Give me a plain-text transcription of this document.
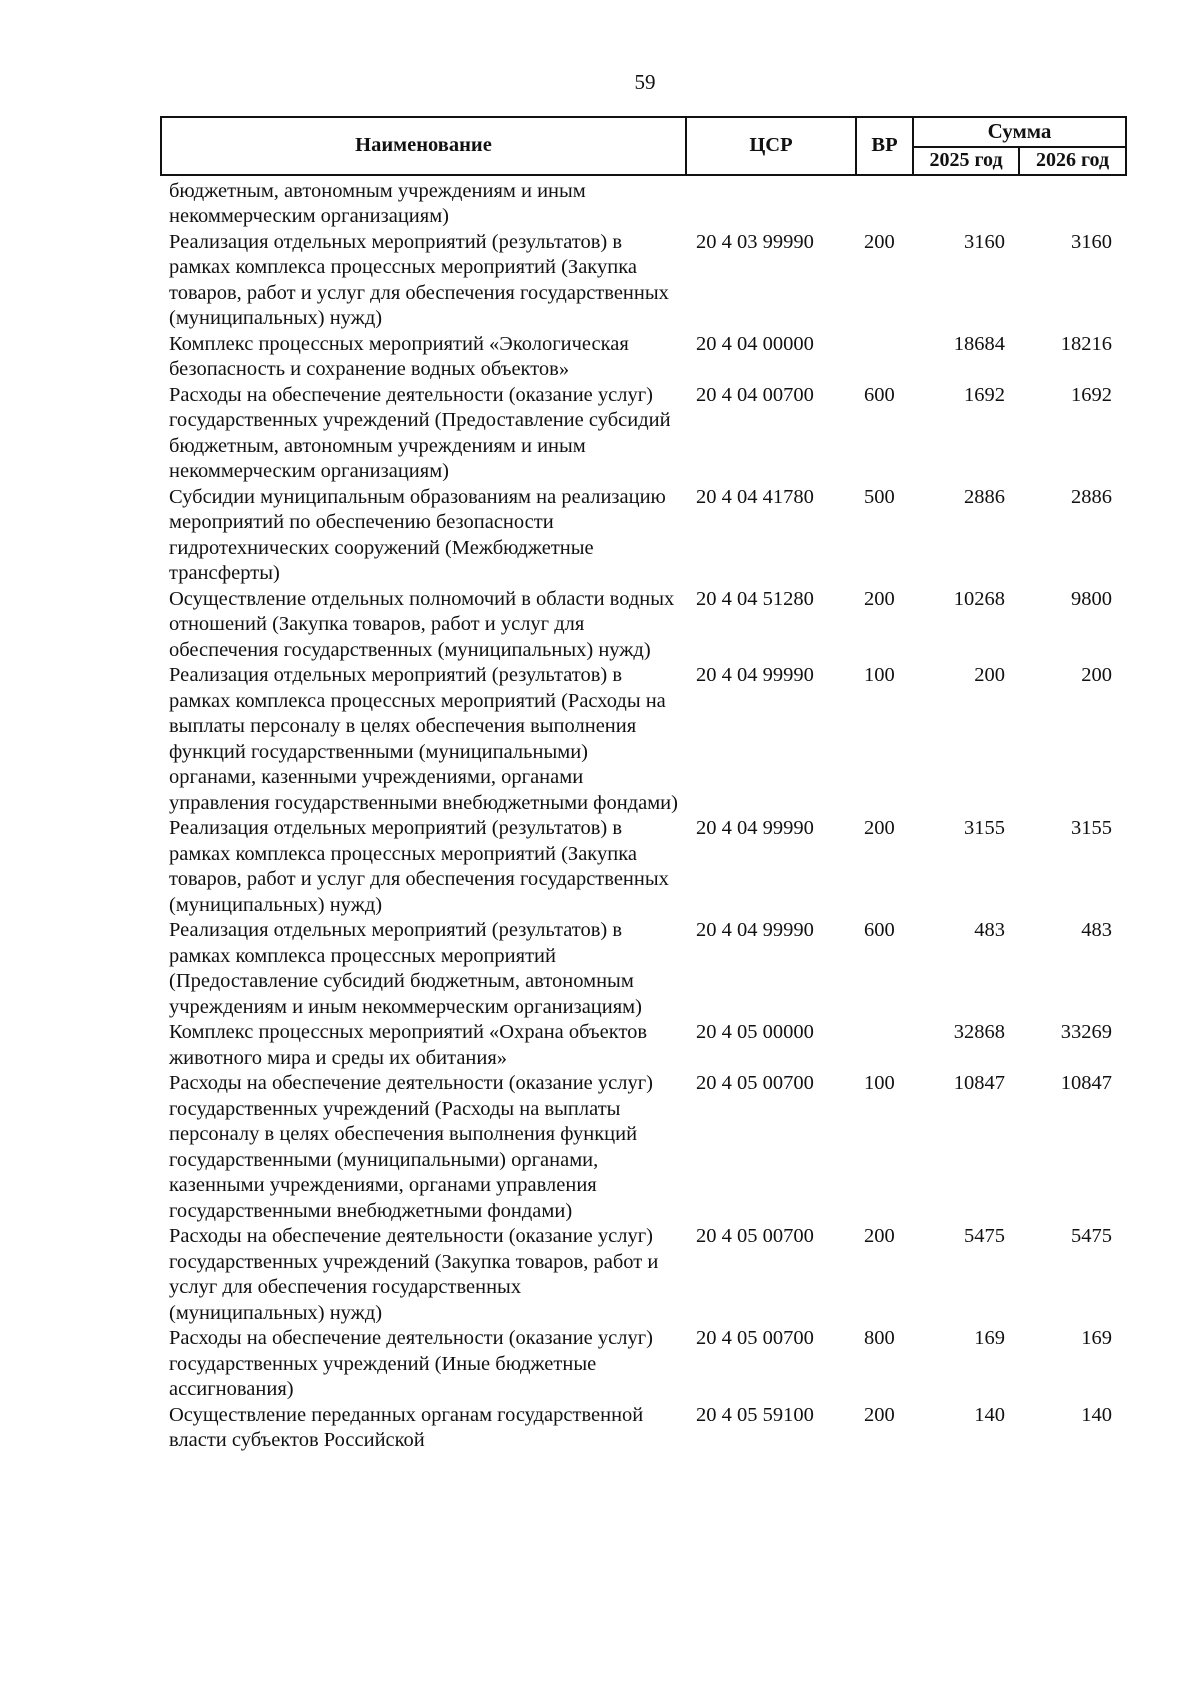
59
Наименование	ЦСР	ВР	Сумма	
			2025 год	2026 год
бюджетным, автономным учреждениям и иным некоммерческим организациям)				
Реализация отдельных мероприятий (результатов) в рамках комплекса процессных мероприятий (Закупка товаров, работ и услуг для обеспечения государственных (муниципальных) нужд)	20 4 03 99990	200	3160	3160
Комплекс процессных мероприятий «Экологическая безопасность и сохранение водных объектов»	20 4 04 00000		18684	18216
Расходы на обеспечение деятельности (оказание услуг) государственных учреждений (Предоставление субсидий бюджетным, автономным учреждениям и иным некоммерческим организациям)	20 4 04 00700	600	1692	1692
Субсидии муниципальным образованиям на реализацию мероприятий по обеспечению безопасности гидротехнических сооружений (Межбюджетные трансферты)	20 4 04 41780	500	2886	2886
Осуществление отдельных полномочий в области водных отношений (Закупка товаров, работ и услуг для обеспечения государственных (муниципальных) нужд)	20 4 04 51280	200	10268	9800
Реализация отдельных мероприятий (результатов) в рамках комплекса процессных мероприятий (Расходы на выплаты персоналу в целях обеспечения выполнения функций государственными (муниципальными) органами, казенными учреждениями, органами управления государственными внебюджетными фондами)	20 4 04 99990	100	200	200
Реализация отдельных мероприятий (результатов) в рамках комплекса процессных мероприятий (Закупка товаров, работ и услуг для обеспечения государственных (муниципальных) нужд)	20 4 04 99990	200	3155	3155
Реализация отдельных мероприятий (результатов) в рамках комплекса процессных мероприятий (Предоставление субсидий бюджетным, автономным учреждениям и иным некоммерческим организациям)	20 4 04 99990	600	483	483
Комплекс процессных мероприятий «Охрана объектов животного мира и среды их обитания»	20 4 05 00000		32868	33269
Расходы на обеспечение деятельности (оказание услуг) государственных учреждений (Расходы на выплаты персоналу в целях обеспечения выполнения функций государственными (муниципальными) органами, казенными учреждениями, органами управления государственными внебюджетными фондами)	20 4 05 00700	100	10847	10847
Расходы на обеспечение деятельности (оказание услуг) государственных учреждений (Закупка товаров, работ и услуг для обеспечения государственных (муниципальных) нужд)	20 4 05 00700	200	5475	5475
Расходы на обеспечение деятельности (оказание услуг) государственных учреждений (Иные бюджетные ассигнования)	20 4 05 00700	800	169	169
Осуществление переданных органам государственной власти субъектов Российской	20 4 05 59100	200	140	140
